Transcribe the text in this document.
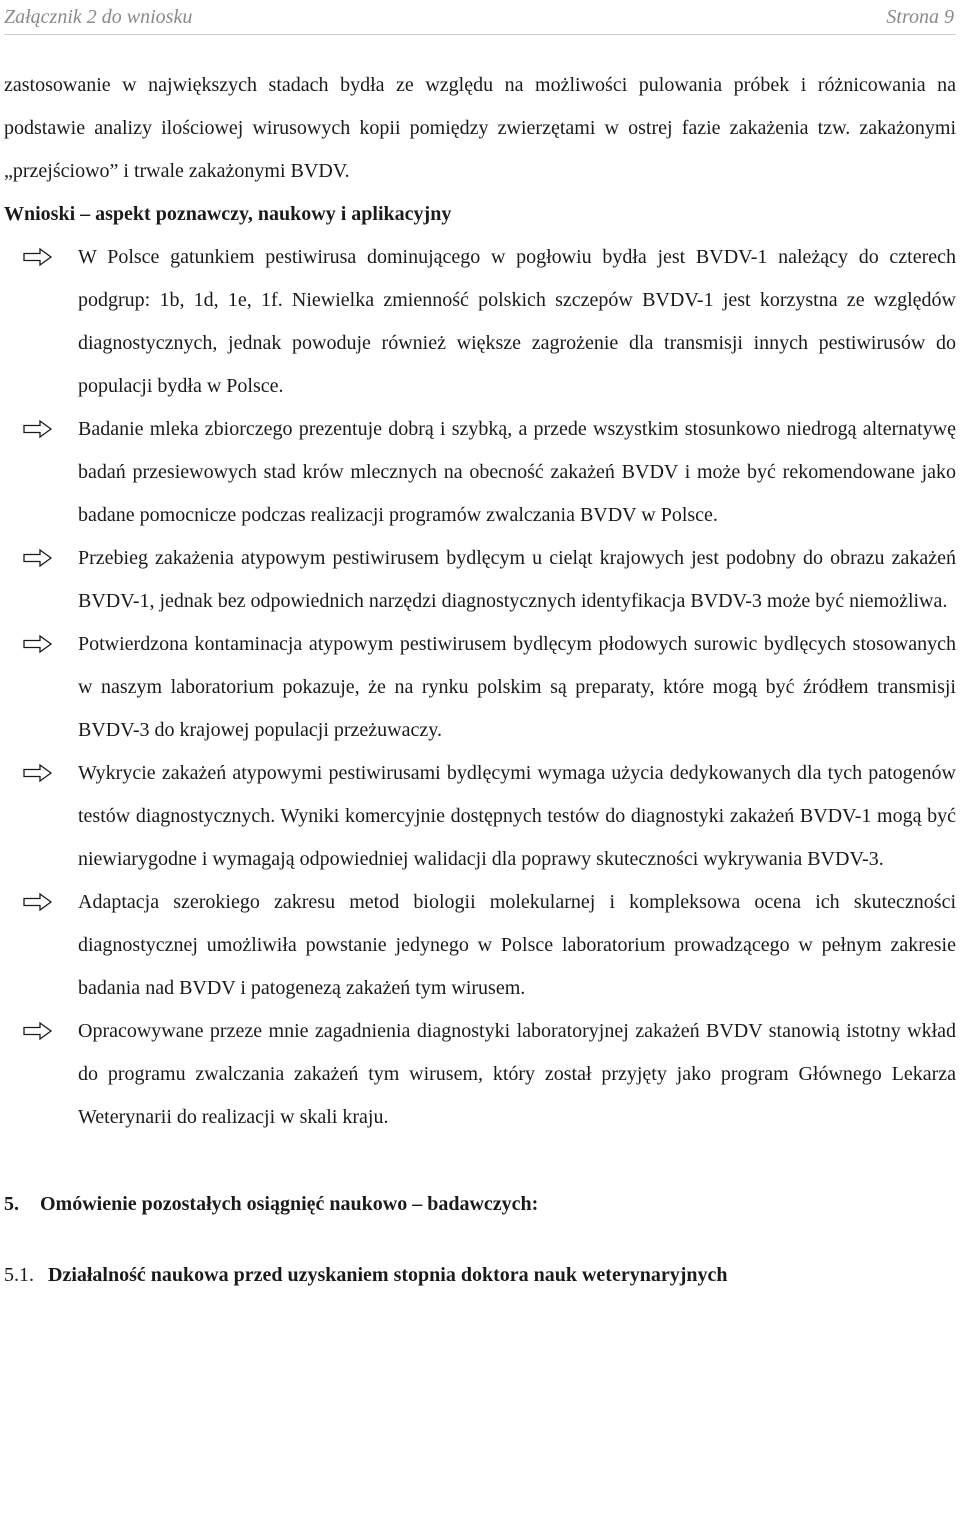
Załącznik 2 do wniosku	Strona 9

zastosowanie w największych stadach bydła ze względu na możliwości pulowania próbek i różnicowania na podstawie analizy ilościowej wirusowych kopii pomiędzy zwierzętami w ostrej fazie zakażenia tzw. zakażonymi „przejściowo” i trwale zakażonymi BVDV.

Wnioski – aspekt poznawczy, naukowy i aplikacyjny

W Polsce gatunkiem pestiwirusa dominującego w pogłowiu bydła jest BVDV-1 należący do czterech podgrup: 1b, 1d, 1e, 1f. Niewielka zmienność polskich szczepów BVDV-1 jest korzystna ze względów diagnostycznych, jednak powoduje również większe zagrożenie dla transmisji innych pestiwirusów do populacji bydła w Polsce.
Badanie mleka zbiorczego prezentuje dobrą i szybką, a przede wszystkim stosunkowo niedrogą alternatywę badań przesiewowych stad krów mlecznych na obecność zakażeń BVDV i może być rekomendowane jako badane pomocnicze podczas realizacji programów zwalczania BVDV w Polsce.
Przebieg zakażenia atypowym pestiwirusem bydlęcym u cieląt krajowych jest podobny do obrazu zakażeń BVDV-1, jednak bez odpowiednich narzędzi diagnostycznych identyfikacja BVDV-3 może być niemożliwa.
Potwierdzona kontaminacja atypowym pestiwirusem bydlęcym płodowych surowic bydlęcych stosowanych w naszym laboratorium pokazuje, że na rynku polskim są preparaty, które mogą być źródłem transmisji BVDV-3 do krajowej populacji przeżuwaczy.
Wykrycie zakażeń atypowymi pestiwirusami bydlęcymi wymaga użycia dedykowanych dla tych patogenów testów diagnostycznych. Wyniki komercyjnie dostępnych testów do diagnostyki zakażeń BVDV-1 mogą być niewiarygodne i wymagają odpowiedniej walidacji dla poprawy skuteczności wykrywania BVDV-3.
Adaptacja szerokiego zakresu metod biologii molekularnej i kompleksowa ocena ich skuteczności diagnostycznej umożliwiła powstanie jedynego w Polsce laboratorium prowadzącego w pełnym zakresie badania nad BVDV i patogenezą zakażeń tym wirusem.
Opracowywane przeze mnie zagadnienia diagnostyki laboratoryjnej zakażeń BVDV stanowią istotny wkład do programu zwalczania zakażeń tym wirusem, który został przyjęty jako program Głównego Lekarza Weterynarii do realizacji w skali kraju.
5. Omówienie pozostałych osiągnięć naukowo – badawczych:
5.1. Działalność naukowa przed uzyskaniem stopnia doktora nauk weterynaryjnych
